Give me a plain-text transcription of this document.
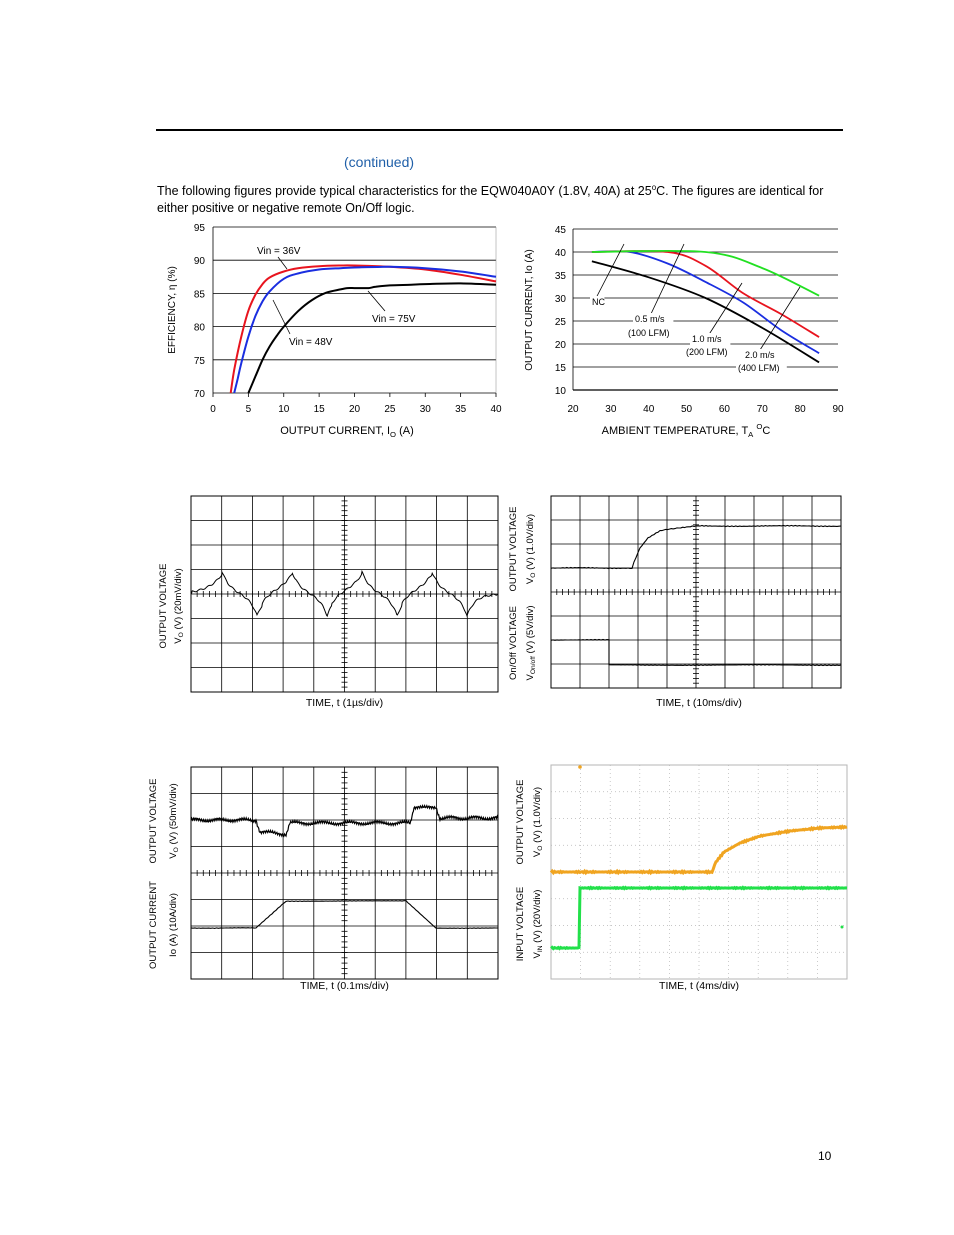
(continued)
The following figures provide typical characteristics for the EQW040A0Y (1.8V, 40A) at 25$^o$C. The figures are identical for either positive or negative remote On/Off logic.
70
75
80
85
90
95
0	5	10 15 20 25 30 35 40
Vin = 36V
Vin = 75V
Vin = 48V
EFFICIENCY, η (%)
OUTPUT CURRENT, $I_O$ (A)
10
15
20
25
30
35
40
45
20	30	40	50	60	70	80	90
NC
0.5 m/s
(100 LFM)
1.0 m/s
(200 LFM) 2.0 m/s
(400 LFM)
OUTPUT CURRENT, Io (A)
AMBIENT TEMPERATURE, $T_A$ $^O$C
OUTPUT VOLTAGE $V_O$ (V) (20mV/div)
TIME, t (1µs/div)
OUTPUT VOLTAGE $V_O$ (V) (1.0V/div)
On/Off VOLTAGE $V_{On/off}$ (V) (5V/div)
TIME, t (10ms/div)
OUTPUT VOLTAGE $V_O$ (V) (50mV/div)
OUTPUT CURRENT Io (A) (10A/div)
TIME, t (0.1ms/div)
OUTPUT VOLTAGE $V_O$ (V) (1.0V/div)
INPUT VOLTAGE $V_{IN}$ (V) (20V/div)
TIME, t (4ms/div)
10
